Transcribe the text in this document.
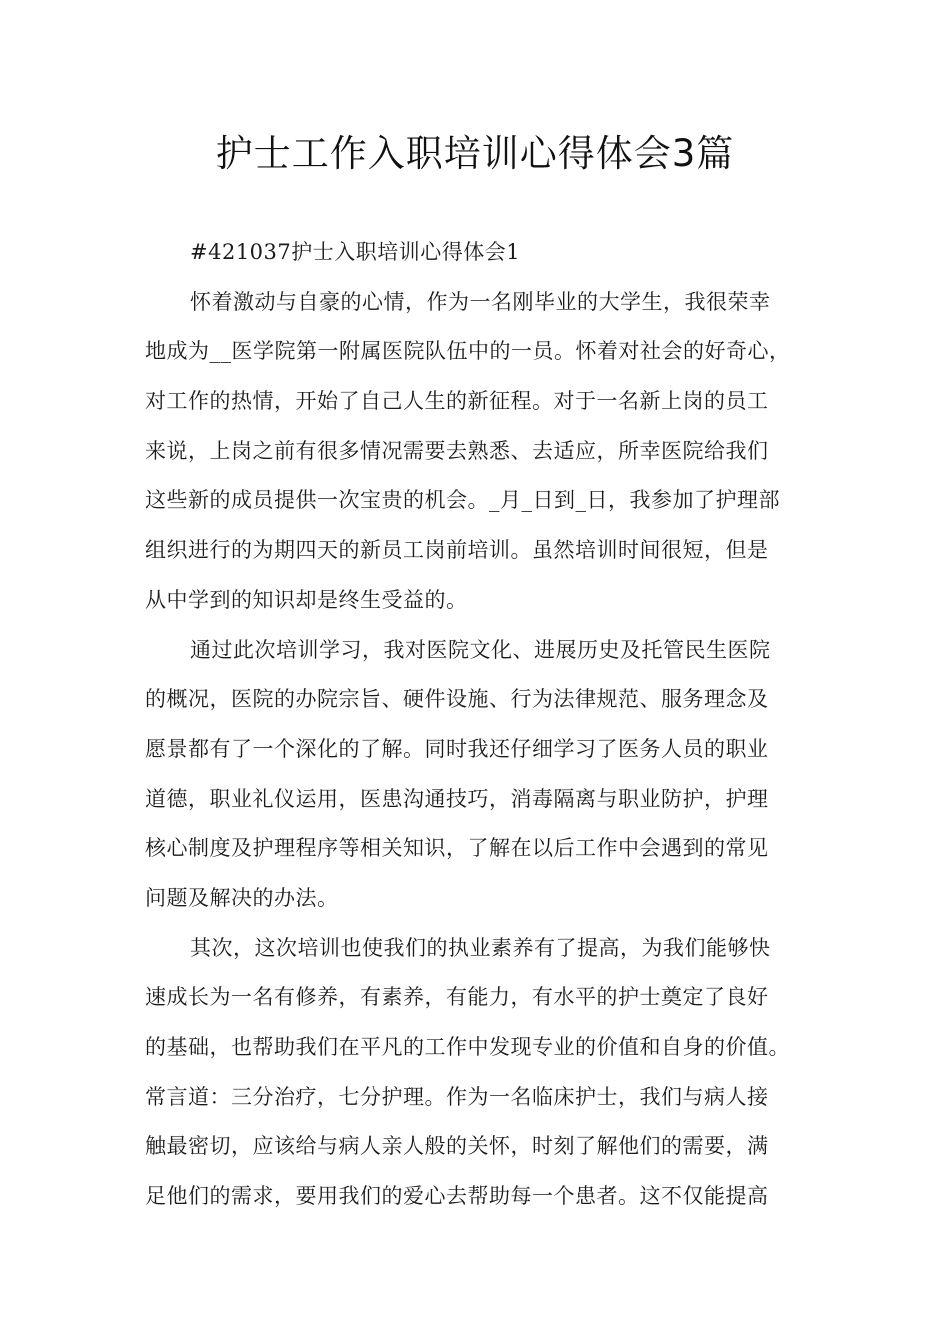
护士工作入职培训心得体会3篇
#421037护士入职培训心得体会1
怀着激动与自豪的心情，作为一名刚毕业的大学生，我很荣幸
地成为__医学院第一附属医院队伍中的一员。怀着对社会的好奇心，
对工作的热情，开始了自己人生的新征程。对于一名新上岗的员工
来说，上岗之前有很多情况需要去熟悉、去适应，所幸医院给我们
这些新的成员提供一次宝贵的机会。_月_日到_日，我参加了护理部
组织进行的为期四天的新员工岗前培训。虽然培训时间很短，但是
从中学到的知识却是终生受益的。
通过此次培训学习，我对医院文化、进展历史及托管民生医院
的概况，医院的办院宗旨、硬件设施、行为法律规范、服务理念及
愿景都有了一个深化的了解。同时我还仔细学习了医务人员的职业
道德，职业礼仪运用，医患沟通技巧，消毒隔离与职业防护，护理
核心制度及护理程序等相关知识，了解在以后工作中会遇到的常见
问题及解决的办法。
其次，这次培训也使我们的执业素养有了提高，为我们能够快
速成长为一名有修养，有素养，有能力，有水平的护士奠定了良好
的基础，也帮助我们在平凡的工作中发现专业的价值和自身的价值。
常言道：三分治疗，七分护理。作为一名临床护士，我们与病人接
触最密切，应该给与病人亲人般的关怀，时刻了解他们的需要，满
足他们的需求，要用我们的爱心去帮助每一个患者。这不仅能提高
